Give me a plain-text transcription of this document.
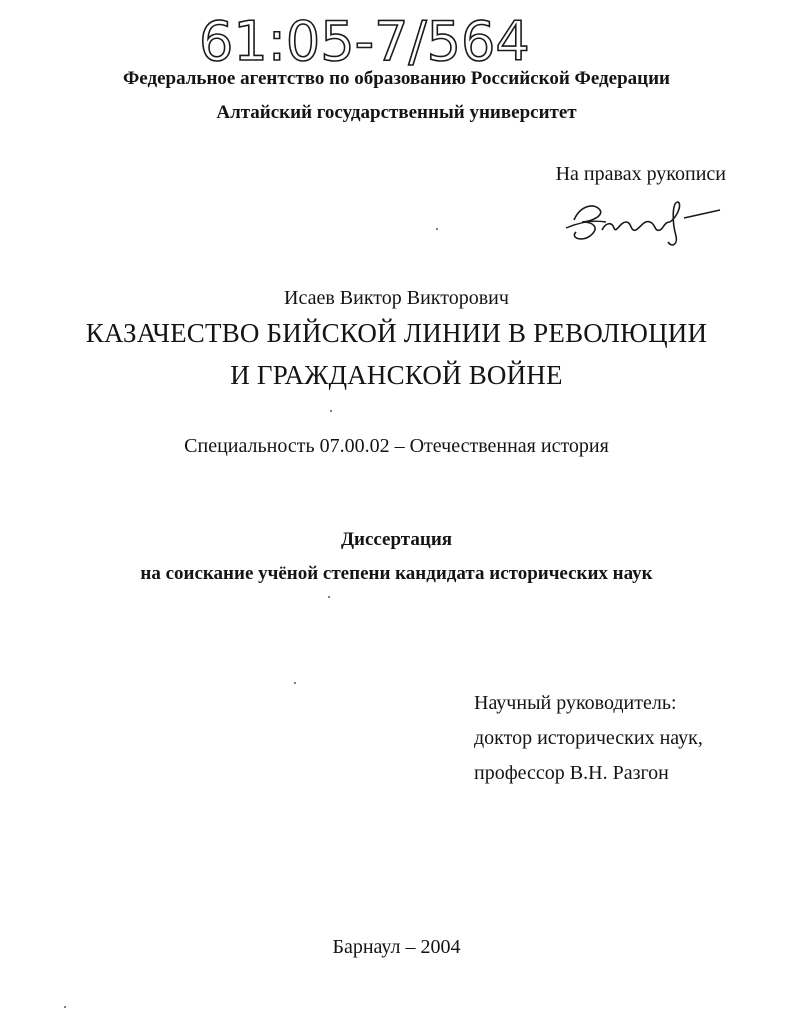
61:05-7/564
Федеральное агентство по образованию Российской Федерации
Алтайский государственный университет
На правах рукописи
Исаев Виктор Викторович
КАЗАЧЕСТВО БИЙСКОЙ ЛИНИИ В РЕВОЛЮЦИИ
И ГРАЖДАНСКОЙ ВОЙНЕ
Специальность 07.00.02 – Отечественная история
Диссертация
на соискание учёной степени кандидата исторических наук
Научный руководитель:
доктор исторических наук,
профессор В.Н. Разгон
Барнаул – 2004
